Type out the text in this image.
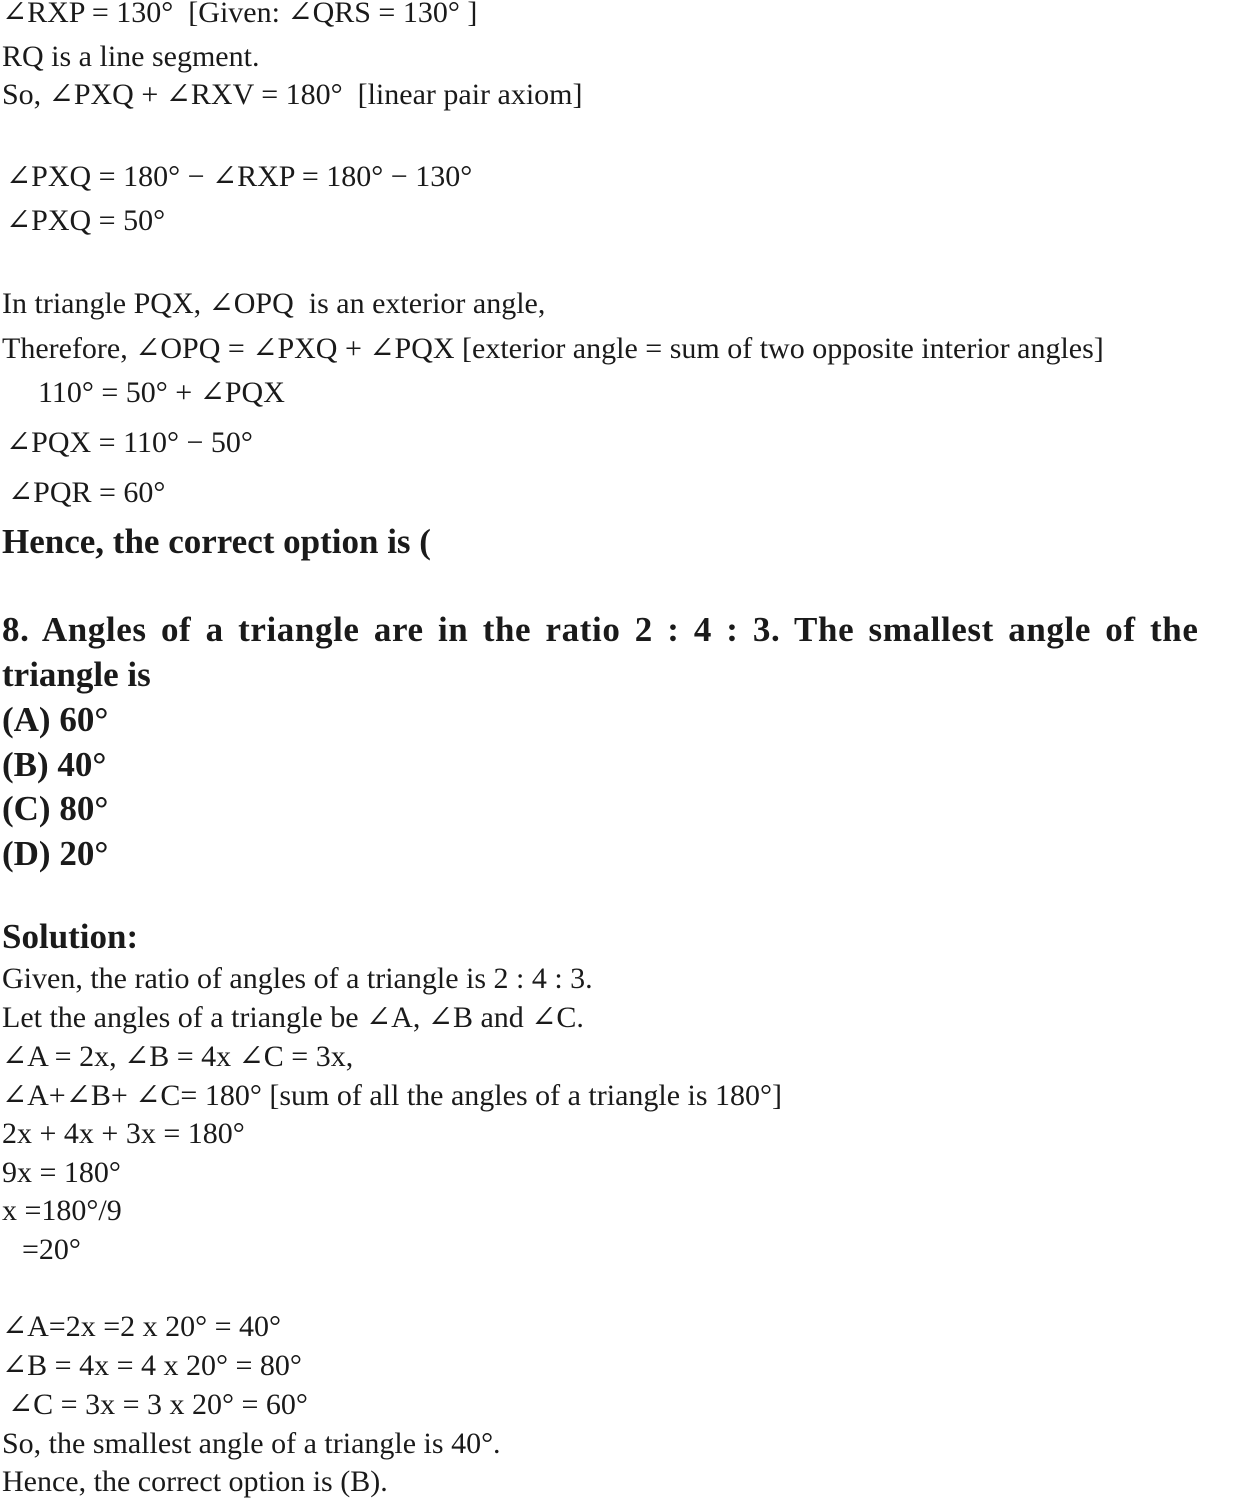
∠RXP = 130°  [Given: ∠QRS = 130° ]
RQ is a line segment.
So, ∠PXQ + ∠RXV = 180°  [linear pair axiom]
∠PXQ = 180° − ∠RXP = 180° − 130°
∠PXQ = 50°
In triangle PQX, ∠OPQ  is an exterior angle,
Therefore, ∠OPQ = ∠PXQ + ∠PQX [exterior angle = sum of two opposite interior angles]
110° = 50° + ∠PQX
∠PQX = 110° − 50°
∠PQR = 60°
Hence, the correct option is (
8. Angles of a triangle are in the ratio 2 : 4 : 3. The smallest angle of the
triangle is
(A) 60°
(B) 40°
(C) 80°
(D) 20°
Solution:
Given, the ratio of angles of a triangle is 2 : 4 : 3.
Let the angles of a triangle be ∠A, ∠B and ∠C.
∠A = 2x, ∠B = 4x ∠C = 3x,
∠A+∠B+ ∠C= 180° [sum of all the angles of a triangle is 180°]
2x + 4x + 3x = 180°
9x = 180°
x =180°/9
=20°
∠A=2x =2 x 20° = 40°
∠B = 4x = 4 x 20° = 80°
∠C = 3x = 3 x 20° = 60°
So, the smallest angle of a triangle is 40°.
Hence, the correct option is (B).
